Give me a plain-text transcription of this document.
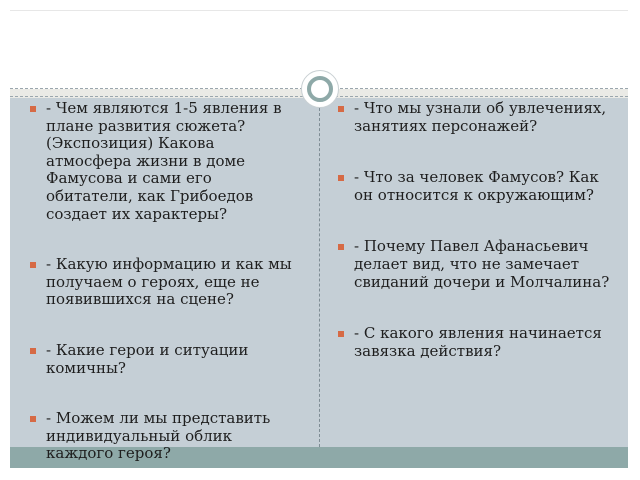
- Чем являются 1-5 явления в плане развития сюжета? (Экспозиция) Какова атмосфера жизни в доме Фамусова и сами его обитатели, как Грибоедов создает их характеры?

- Какую информацию и как мы получаем о героях, еще не появившихся на сцене?

- Какие герои и ситуации комичны?

- Можем ли мы представить индивидуальный облик каждого героя?

- Что мы узнали об увлечениях, занятиях персонажей?

- Что за человек Фамусов? Как он относится к окружающим?

- Почему Павел Афанасьевич делает вид, что не замечает свиданий дочери и Молчалина?

- С какого явления начинается завязка действия?
